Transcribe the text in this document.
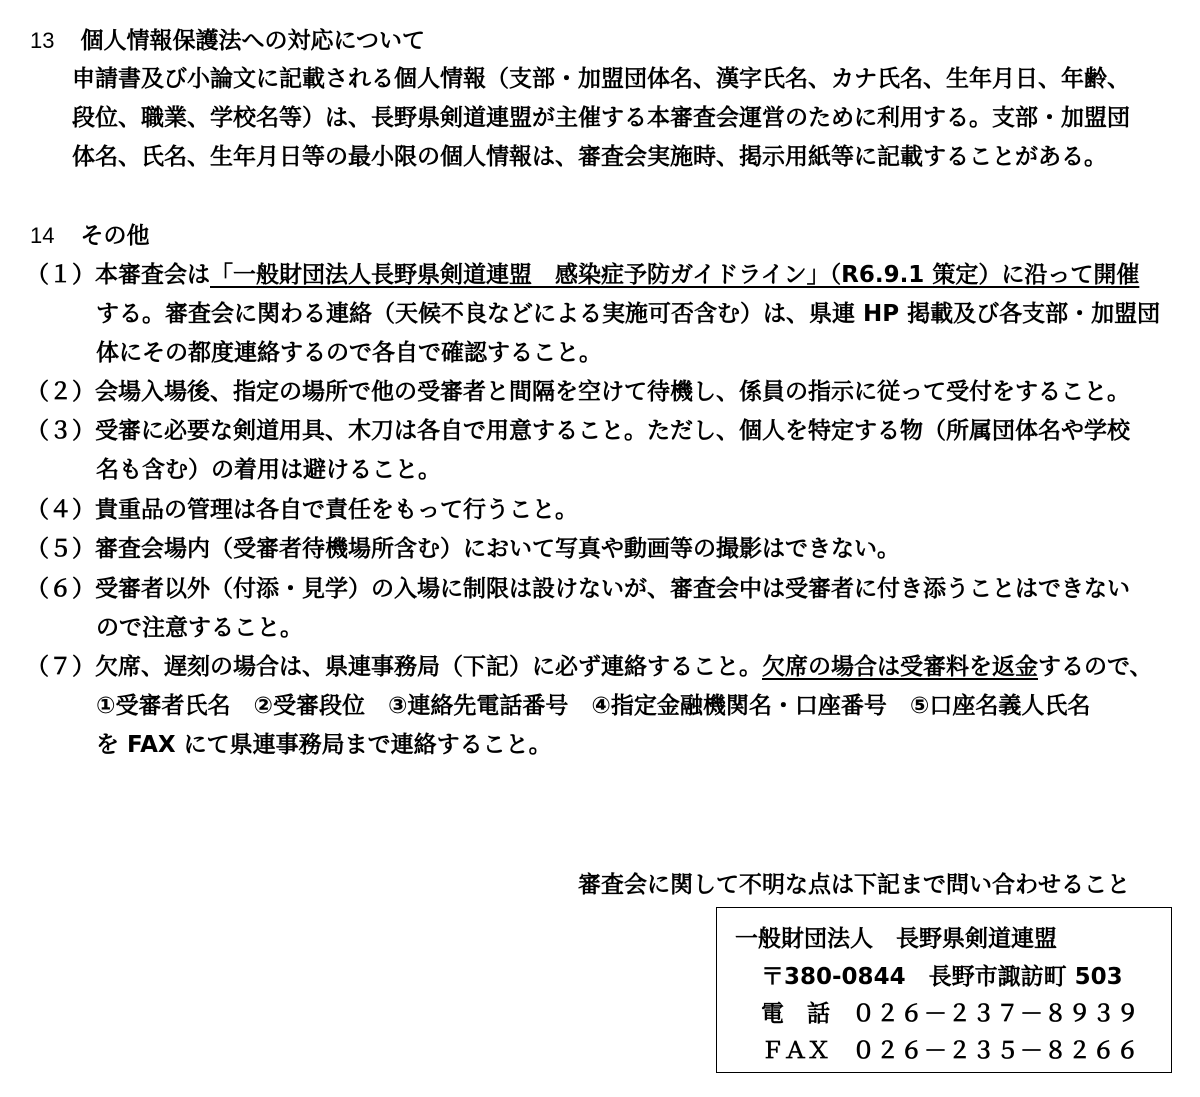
13 個人情報保護法への対応について
申請書及び小論文に記載される個人情報（支部・加盟団体名、漢字氏名、カナ氏名、生年月日、年齢、
段位、職業、学校名等）は、長野県剣道連盟が主催する本審査会運営のために利用する。支部・加盟団
体名、氏名、生年月日等の最小限の個人情報は、審査会実施時、掲示用紙等に記載することがある。
14 その他
（１）本審査会は「一般財団法人長野県剣道連盟　感染症予防ガイドライン」（R6.9.1 策定）に沿って開催
する。審査会に関わる連絡（天候不良などによる実施可否含む）は、県連 HP 掲載及び各支部・加盟団
体にその都度連絡するので各自で確認すること。
（２）会場入場後、指定の場所で他の受審者と間隔を空けて待機し、係員の指示に従って受付をすること。
（３）受審に必要な剣道用具、木刀は各自で用意すること。ただし、個人を特定する物（所属団体名や学校
名も含む）の着用は避けること。
（４）貴重品の管理は各自で責任をもって行うこと。
（５）審査会場内（受審者待機場所含む）において写真や動画等の撮影はできない。
（６）受審者以外（付添・見学）の入場に制限は設けないが、審査会中は受審者に付き添うことはできない
ので注意すること。
（７）欠席、遅刻の場合は、県連事務局（下記）に必ず連絡すること。欠席の場合は受審料を返金するので、
①受審者氏名　②受審段位　③連絡先電話番号　④指定金融機関名・口座番号　⑤口座名義人氏名
を FAX にて県連事務局まで連絡すること。
審査会に関して不明な点は下記まで問い合わせること
一般財団法人　長野県剣道連盟
〒380-0844　長野市諏訪町 503
電　話 ０２６－２３７－８９３９
ＦＡＸ ０２６－２３５－８２６６
